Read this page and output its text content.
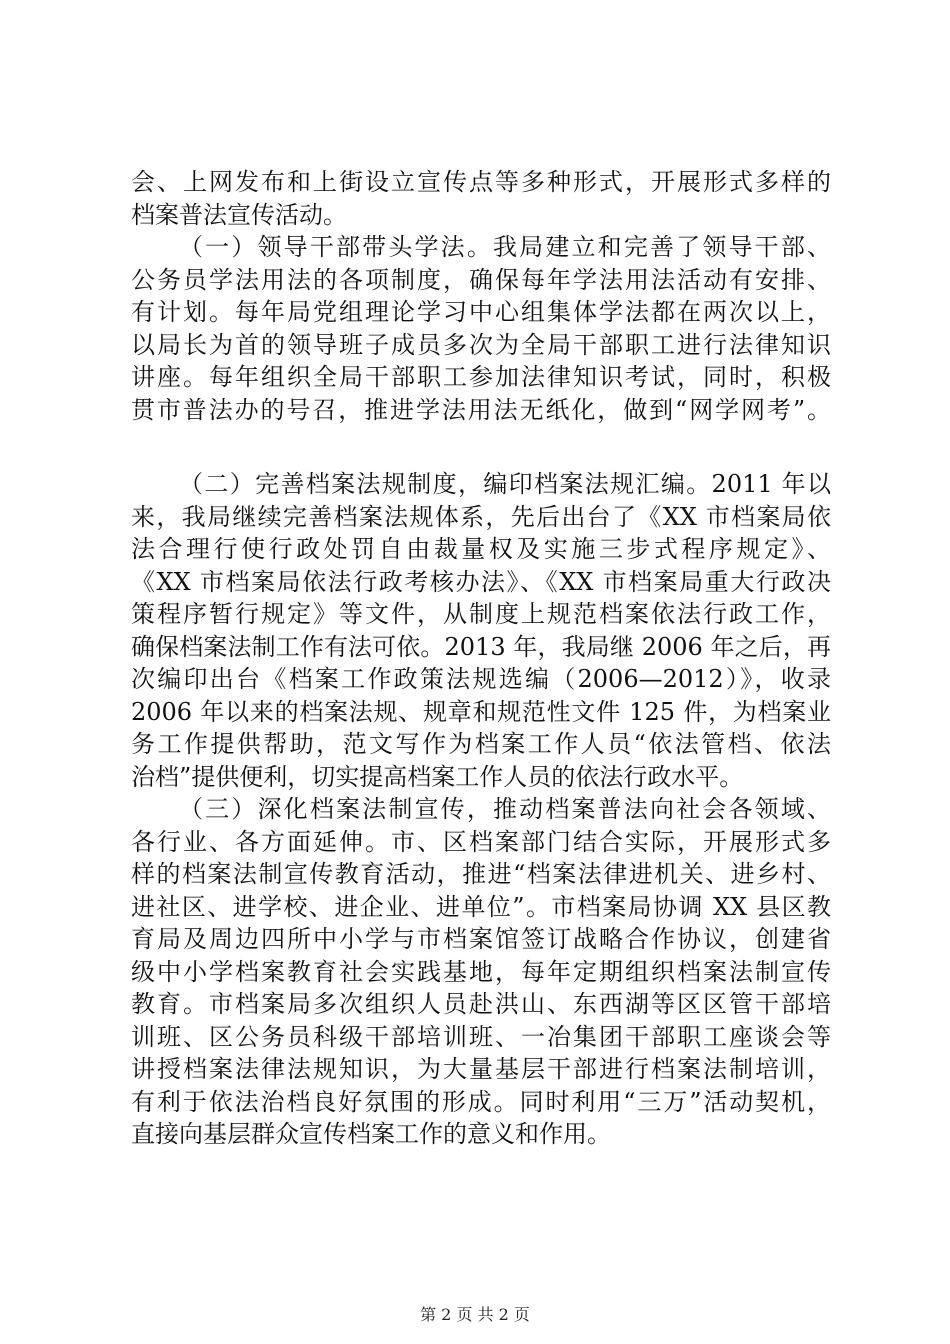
会、上网发布和上街设立宣传点等多种形式，开展形式多样的
档案普法宣传活动。
（一）领导干部带头学法。我局建立和完善了领导干部、
公务员学法用法的各项制度，确保每年学法用法活动有安排、
有计划。每年局党组理论学习中心组集体学法都在两次以上，
以局长为首的领导班子成员多次为全局干部职工进行法律知识
讲座。每年组织全局干部职工参加法律知识考试，同时，积极
贯市普法办的号召，推进学法用法无纸化，做到“网学网考”。
（二）完善档案法规制度，编印档案法规汇编。2011 年以
来，我局继续完善档案法规体系，先后出台了《XX 市档案局依
法合理行使行政处罚自由裁量权及实施三步式程序规定》、
《XX 市档案局依法行政考核办法》、《XX 市档案局重大行政决
策程序暂行规定》等文件，从制度上规范档案依法行政工作，
确保档案法制工作有法可依。2013 年，我局继 2006 年之后，再
次编印出台《档案工作政策法规选编（2006—2012）》，收录
2006 年以来的档案法规、规章和规范性文件 125 件，为档案业
务工作提供帮助，范文写作为档案工作人员“依法管档、依法
治档”提供便利，切实提高档案工作人员的依法行政水平。
（三）深化档案法制宣传，推动档案普法向社会各领域、
各行业、各方面延伸。市、区档案部门结合实际，开展形式多
样的档案法制宣传教育活动，推进“档案法律进机关、进乡村、
进社区、进学校、进企业、进单位”。市档案局协调 XX 县区教
育局及周边四所中小学与市档案馆签订战略合作协议，创建省
级中小学档案教育社会实践基地，每年定期组织档案法制宣传
教育。市档案局多次组织人员赴洪山、东西湖等区区管干部培
训班、区公务员科级干部培训班、一冶集团干部职工座谈会等
讲授档案法律法规知识，为大量基层干部进行档案法制培训，
有利于依法治档良好氛围的形成。同时利用“三万”活动契机，
直接向基层群众宣传档案工作的意义和作用。
第 2 页 共 2 页
